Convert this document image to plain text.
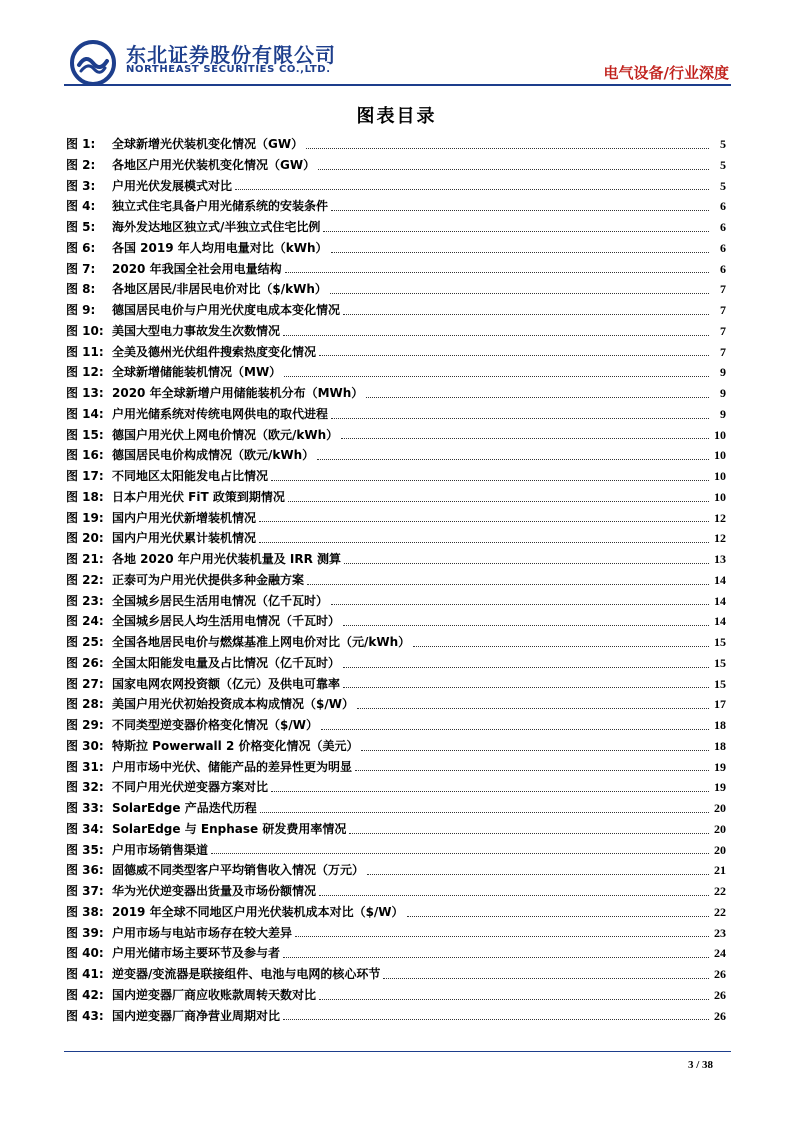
东北证券股份有限公司
NORTHEAST SECURITIES CO.,LTD.	电气设备/行业深度
图表目录
图 1:	全球新增光伏装机变化情况（GW）	5
图 2:	各地区户用光伏装机变化情况（GW）	5
图 3:	户用光伏发展模式对比	5
图 4:	独立式住宅具备户用光储系统的安装条件	6
图 5:	海外发达地区独立式/半独立式住宅比例	6
图 6:	各国 2019 年人均用电量对比（kWh）	6
图 7:	2020 年我国全社会用电量结构	6
图 8:	各地区居民/非居民电价对比（$/kWh）	7
图 9:	德国居民电价与户用光伏度电成本变化情况	7
图 10: 美国大型电力事故发生次数情况	7
图 11: 全美及德州光伏组件搜索热度变化情况	7
图 12: 全球新增储能装机情况（MW）	9
图 13: 2020 年全球新增户用储能装机分布（MWh）	9
图 14: 户用光储系统对传统电网供电的取代进程	9
图 15: 德国户用光伏上网电价情况（欧元/kWh）	10
图 16: 德国居民电价构成情况（欧元/kWh）	10
图 17: 不同地区太阳能发电占比情况	10
图 18: 日本户用光伏 FiT 政策到期情况	10
图 19: 国内户用光伏新增装机情况	12
图 20: 国内户用光伏累计装机情况	12
图 21: 各地 2020 年户用光伏装机量及 IRR 测算	13
图 22: 正泰可为户用光伏提供多种金融方案	14
图 23: 全国城乡居民生活用电情况（亿千瓦时）	14
图 24: 全国城乡居民人均生活用电情况（千瓦时）	14
图 25: 全国各地居民电价与燃煤基准上网电价对比（元/kWh）	15
图 26: 全国太阳能发电量及占比情况（亿千瓦时）	15
图 27: 国家电网农网投资额（亿元）及供电可靠率	15
图 28: 美国户用光伏初始投资成本构成情况（$/W）	17
图 29: 不同类型逆变器价格变化情况（$/W）	18
图 30: 特斯拉 Powerwall 2 价格变化情况（美元）	18
图 31: 户用市场中光伏、储能产品的差异性更为明显	19
图 32: 不同户用光伏逆变器方案对比	19
图 33: SolarEdge 产品迭代历程	20
图 34: SolarEdge 与 Enphase 研发费用率情况	20
图 35: 户用市场销售渠道	20
图 36: 固德威不同类型客户平均销售收入情况（万元）	21
图 37: 华为光伏逆变器出货量及市场份额情况	22
图 38: 2019 年全球不同地区户用光伏装机成本对比（$/W）	22
图 39: 户用市场与电站市场存在较大差异	23
图 40: 户用光储市场主要环节及参与者	24
图 41: 逆变器/变流器是联接组件、电池与电网的核心环节	26
图 42: 国内逆变器厂商应收账款周转天数对比	26
图 43: 国内逆变器厂商净营业周期对比	26
3 / 38
